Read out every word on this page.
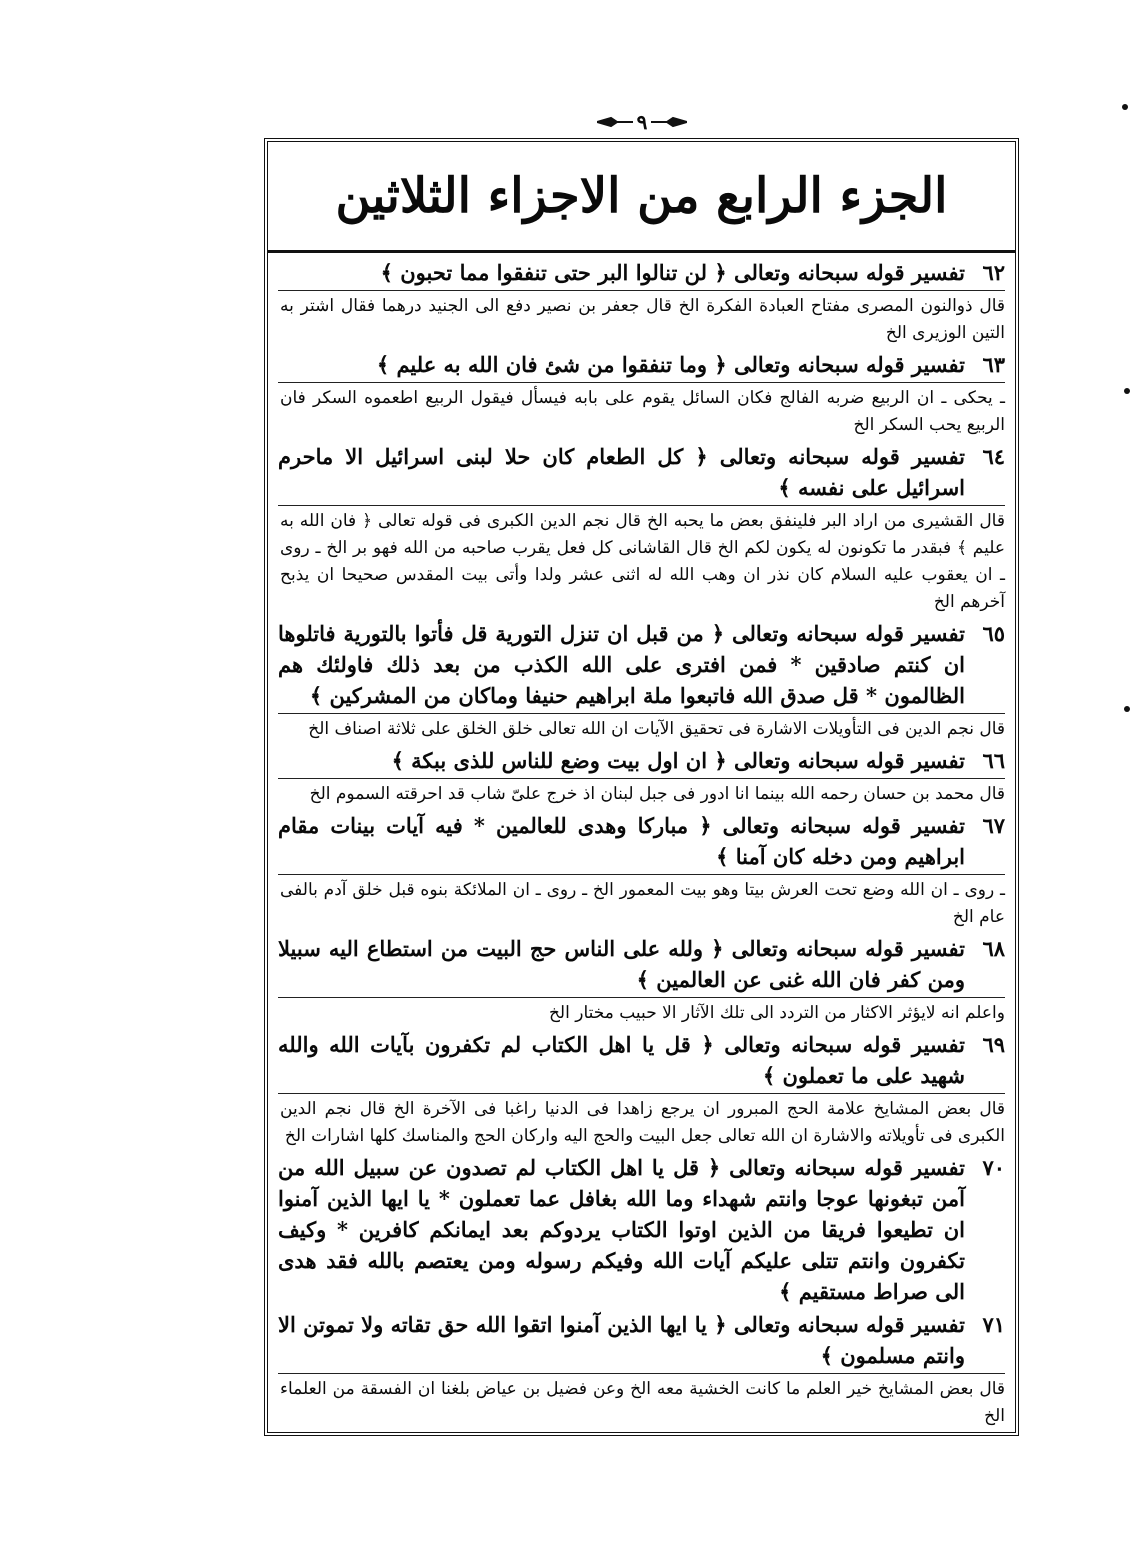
٩
الجزء الرابع من الاجزاء الثلاثين
٦٢
تفسير قوله سبحانه وتعالى ﴿ لن تنالوا البر حتى تنفقوا مما تحبون ﴾
قال ذوالنون المصرى مفتاح العبادة الفكرة الخ قال جعفر بن نصير دفع الى الجنيد درهما فقال اشتر به التين الوزيرى الخ
٦٣
تفسير قوله سبحانه وتعالى ﴿ وما تنفقوا من شئ فان الله به عليم ﴾
ـ يحكى ـ ان الربيع ضربه الفالج فكان السائل يقوم على بابه فيسأل فيقول الربيع اطعموه السكر فان الربيع يحب السكر الخ
٦٤
تفسير قوله سبحانه وتعالى ﴿ كل الطعام كان حلا لبنى اسرائيل الا ماحرم اسرائيل على نفسه ﴾
قال القشيرى من اراد البر فلينفق بعض ما يحبه الخ قال نجم الدين الكبرى فى قوله تعالى ﴿ فان الله به عليم ﴾ فبقدر ما تكونون له يكون لكم الخ قال القاشانى كل فعل يقرب صاحبه من الله فهو بر الخ ـ روى ـ ان يعقوب عليه السلام كان نذر ان وهب الله له اثنى عشر ولدا وأتى بيت المقدس صحيحا ان يذبح آخرهم الخ
٦٥
تفسير قوله سبحانه وتعالى ﴿ من قبل ان تنزل التورية قل فأتوا بالتورية فاتلوها ان كنتم صادقين * فمن افترى على الله الكذب من بعد ذلك فاولئك هم الظالمون * قل صدق الله فاتبعوا ملة ابراهيم حنيفا وماكان من المشركين ﴾
قال نجم الدين فى التأويلات الاشارة فى تحقيق الآيات ان الله تعالى خلق الخلق على ثلاثة اصناف الخ
٦٦
تفسير قوله سبحانه وتعالى ﴿ ان اول بيت وضع للناس للذى ببكة ﴾
قال محمد بن حسان رحمه الله بينما انا ادور فى جبل لبنان اذ خرج علىّ شاب قد احرقته السموم الخ
٦٧
تفسير قوله سبحانه وتعالى ﴿ مباركا وهدى للعالمين * فيه آيات بينات مقام ابراهيم ومن دخله كان آمنا ﴾
ـ روى ـ ان الله وضع تحت العرش بيتا وهو بيت المعمور الخ ـ روى ـ ان الملائكة بنوه قبل خلق آدم بالفى عام الخ
٦٨
تفسير قوله سبحانه وتعالى ﴿ ولله على الناس حج البيت من استطاع اليه سبيلا ومن كفر فان الله غنى عن العالمين ﴾
واعلم انه لايؤثر الاكثار من التردد الى تلك الآثار الا حبيب مختار الخ
٦٩
تفسير قوله سبحانه وتعالى ﴿ قل يا اهل الكتاب لم تكفرون بآيات الله والله شهيد على ما تعملون ﴾
قال بعض المشايخ علامة الحج المبرور ان يرجع زاهدا فى الدنيا راغبا فى الآخرة الخ قال نجم الدين الكبرى فى تأويلاته والاشارة ان الله تعالى جعل البيت والحج اليه واركان الحج والمناسك كلها اشارات الخ
٧٠
تفسير قوله سبحانه وتعالى ﴿ قل يا اهل الكتاب لم تصدون عن سبيل الله من آمن تبغونها عوجا وانتم شهداء وما الله بغافل عما تعملون * يا ايها الذين آمنوا ان تطيعوا فريقا من الذين اوتوا الكتاب يردوكم بعد ايمانكم كافرين * وكيف تكفرون وانتم تتلى عليكم آيات الله وفيكم رسوله ومن يعتصم بالله فقد هدى الى صراط مستقيم ﴾
٧١
تفسير قوله سبحانه وتعالى ﴿ يا ايها الذين آمنوا اتقوا الله حق تقاته ولا تموتن الا وانتم مسلمون ﴾
قال بعض المشايخ خير العلم ما كانت الخشية معه الخ وعن فضيل بن عياض بلغنا ان الفسقة من العلماء الخ
